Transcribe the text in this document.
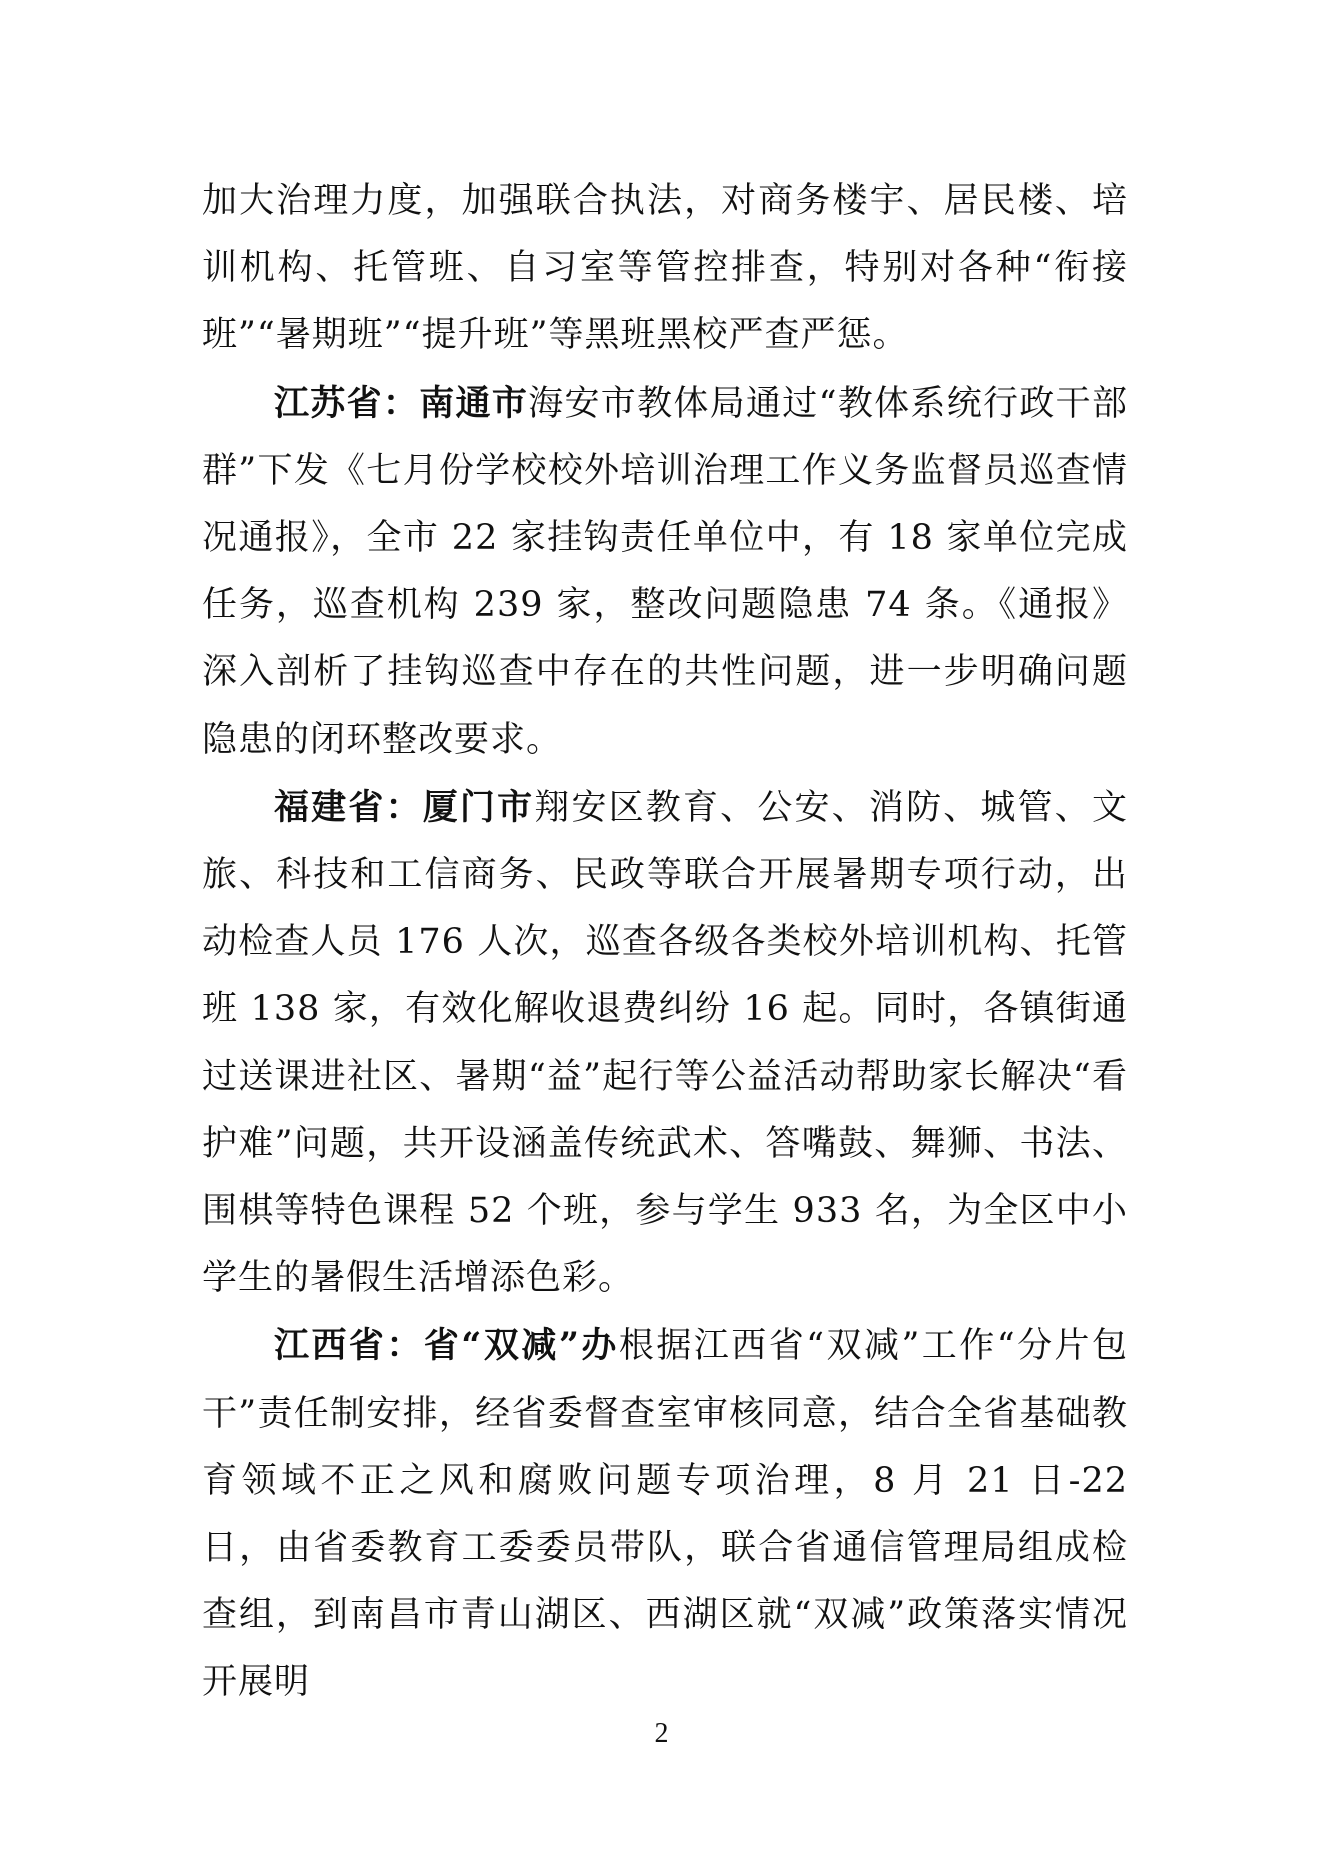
加大治理力度，加强联合执法，对商务楼宇、居民楼、培训机构、托管班、自习室等管控排查，特别对各种“衔接班”“暑期班”“提升班”等黑班黑校严查严惩。

江苏省：南通市海安市教体局通过“教体系统行政干部群”下发《七月份学校校外培训治理工作义务监督员巡查情况通报》，全市 22 家挂钩责任单位中，有 18 家单位完成任务，巡查机构 239 家，整改问题隐患 74 条。《通报》深入剖析了挂钩巡查中存在的共性问题，进一步明确问题隐患的闭环整改要求。

福建省：厦门市翔安区教育、公安、消防、城管、文旅、科技和工信商务、民政等联合开展暑期专项行动，出动检查人员 176 人次，巡查各级各类校外培训机构、托管班 138 家，有效化解收退费纠纷 16 起。同时，各镇街通过送课进社区、暑期“益”起行等公益活动帮助家长解决“看护难”问题，共开设涵盖传统武术、答嘴鼓、舞狮、书法、围棋等特色课程 52 个班，参与学生 933 名，为全区中小学生的暑假生活增添色彩。

江西省：省“双减”办根据江西省“双减”工作“分片包干”责任制安排，经省委督查室审核同意，结合全省基础教育领域不正之风和腐败问题专项治理，8 月 21 日-22 日，由省委教育工委委员带队，联合省通信管理局组成检查组，到南昌市青山湖区、西湖区就“双减”政策落实情况开展明

2
